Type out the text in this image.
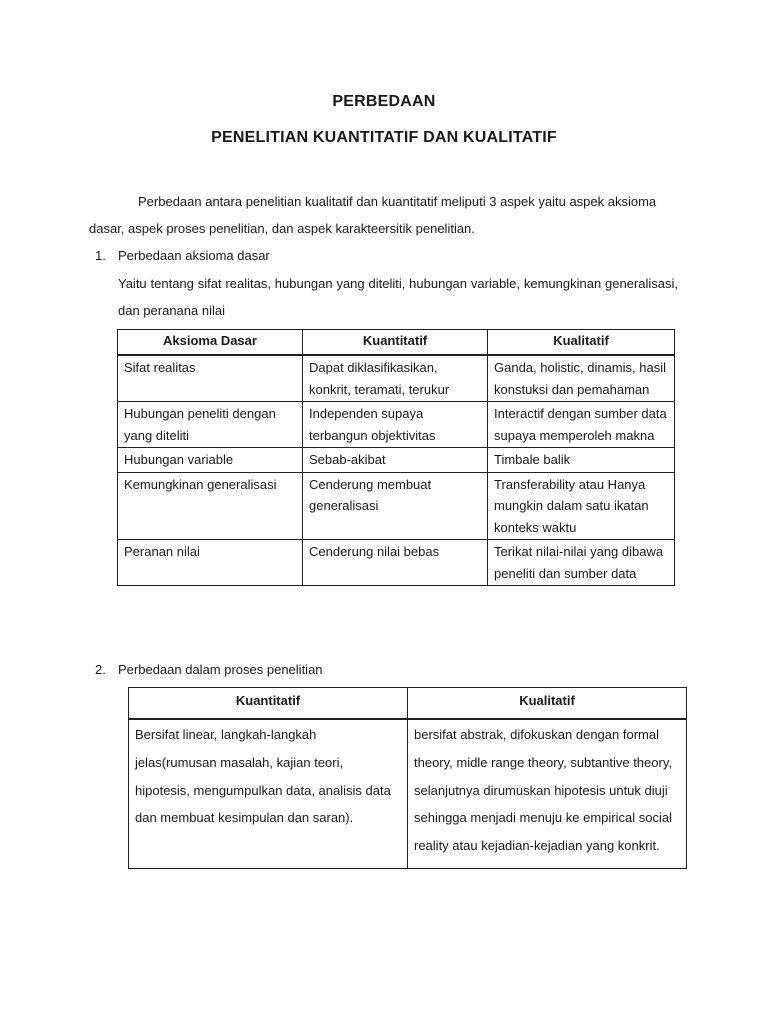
PERBEDAAN
PENELITIAN KUANTITATIF DAN KUALITATIF
Perbedaan antara penelitian kualitatif dan kuantitatif meliputi 3 aspek yaitu aspek aksioma dasar, aspek proses penelitian, dan aspek karakteersitik penelitian.
1. Perbedaan aksioma dasar
Yaitu tentang sifat realitas, hubungan yang diteliti, hubungan variable, kemungkinan generalisasi, dan peranana nilai
Aksioma Dasar	Kuantitatif	Kualitatif
Sifat realitas	Dapat diklasifikasikan, konkrit, teramati, terukur	Ganda, holistic, dinamis, hasil konstuksi dan pemahaman
Hubungan peneliti dengan yang diteliti	Independen supaya terbangun objektivitas	Interactif dengan sumber data supaya memperoleh makna
Hubungan variable	Sebab-akibat	Timbale balik
Kemungkinan generalisasi	Cenderung membuat generalisasi	Transferability atau Hanya mungkin dalam satu ikatan konteks waktu
Peranan nilai	Cenderung nilai bebas	Terikat nilai-nilai yang dibawa peneliti dan sumber data
2. Perbedaan dalam proses penelitian
Kuantitatif	Kualitatif
Bersifat linear, langkah-langkah jelas(rumusan masalah, kajian teori, hipotesis, mengumpulkan data, analisis data dan membuat kesimpulan dan saran).	bersifat abstrak, difokuskan dengan formal theory, midle range theory, subtantive theory, selanjutnya dirumuskan hipotesis untuk diuji sehingga menjadi menuju ke empirical social reality atau kejadian-kejadian yang konkrit.
